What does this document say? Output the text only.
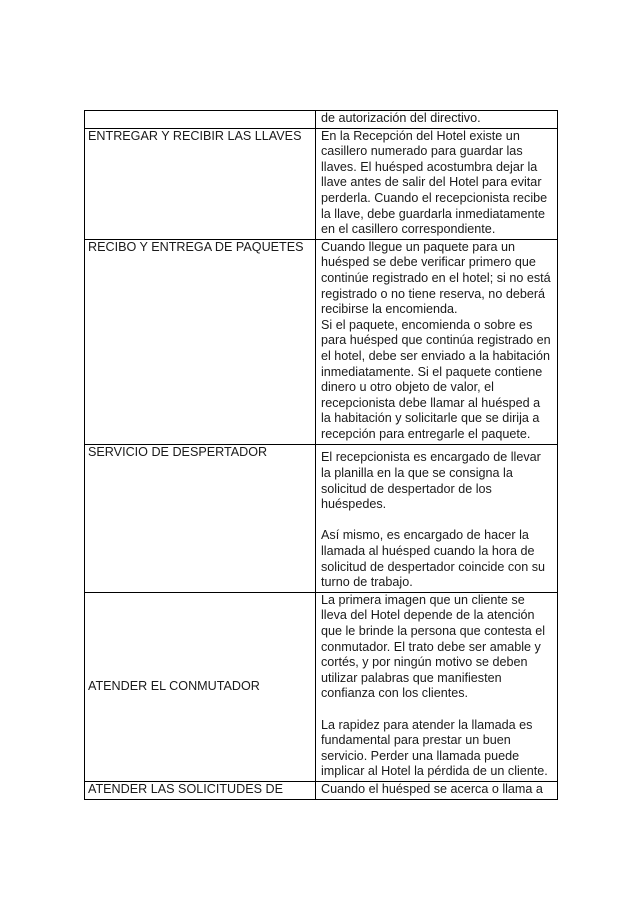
	de autorización del directivo.

ENTREGAR Y RECIBIR LAS LLAVES	En la Recepción del Hotel existe un casillero numerado para guardar las llaves. El huésped acostumbra dejar la llave antes de salir del Hotel para evitar perderla. Cuando el recepcionista recibe la llave, debe guardarla inmediatamente en el casillero correspondiente.

RECIBO Y ENTREGA DE PAQUETES	Cuando llegue un paquete para un huésped se debe verificar primero que continúe registrado en el hotel; si no está registrado o no tiene reserva, no deberá recibirse la encomienda.
Si el paquete, encomienda o sobre es para huésped que continúa registrado en el hotel, debe ser enviado a la habitación inmediatamente. Si el paquete contiene dinero u otro objeto de valor, el recepcionista debe llamar al huésped a la habitación y solicitarle que se dirija a recepción para entregarle el paquete.

SERVICIO DE DESPERTADOR	El recepcionista es encargado de llevar la planilla en la que se consigna la solicitud de despertador de los huéspedes.
Así mismo, es encargado de hacer la llamada al huésped cuando la hora de solicitud de despertador coincide con su turno de trabajo.

ATENDER EL CONMUTADOR	La primera imagen que un cliente se lleva del Hotel depende de la atención que le brinde la persona que contesta el conmutador. El trato debe ser amable y cortés, y por ningún motivo se deben utilizar palabras que manifiesten confianza con los clientes.
La rapidez para atender la llamada es fundamental para prestar un buen servicio. Perder una llamada puede implicar al Hotel la pérdida de un cliente.

ATENDER LAS SOLICITUDES DE	Cuando el huésped se acerca o llama a
